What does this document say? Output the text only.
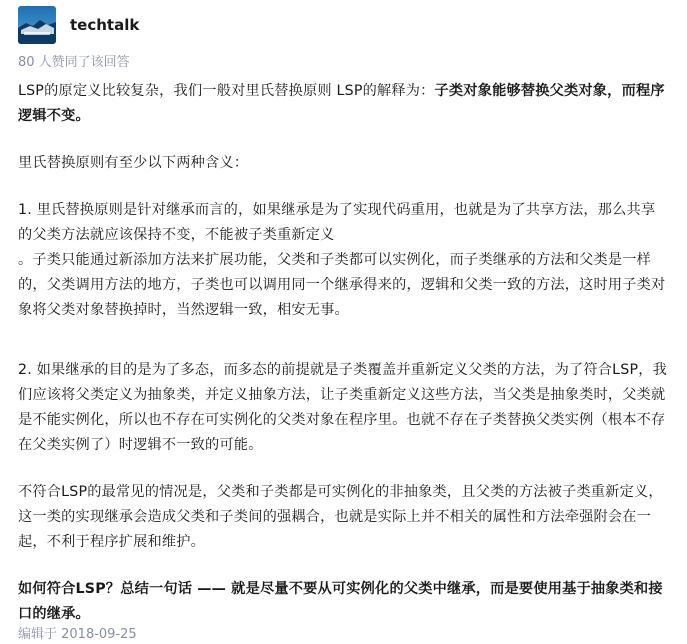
techtalk
80 人赞同了该回答

LSP的原定义比较复杂，我们一般对里氏替换原则 LSP的解释为：子类对象能够替换父类对象，而程序逻辑不变。

里氏替换原则有至少以下两种含义：

1. 里氏替换原则是针对继承而言的，如果继承是为了实现代码重用，也就是为了共享方法，那么共享的父类方法就应该保持不变，不能被子类重新定义

。子类只能通过新添加方法来扩展功能，父类和子类都可以实例化，而子类继承的方法和父类是一样的，父类调用方法的地方，子类也可以调用同一个继承得来的，逻辑和父类一致的方法，这时用子类对象将父类对象替换掉时，当然逻辑一致，相安无事。

2. 如果继承的目的是为了多态，而多态的前提就是子类覆盖并重新定义父类的方法，为了符合LSP，我们应该将父类定义为抽象类，并定义抽象方法，让子类重新定义这些方法，当父类是抽象类时，父类就是不能实例化，所以也不存在可实例化的父类对象在程序里。也就不存在子类替换父类实例（根本不存在父类实例了）时逻辑不一致的可能。

不符合LSP的最常见的情况是，父类和子类都是可实例化的非抽象类，且父类的方法被子类重新定义，这一类的实现继承会造成父类和子类间的强耦合，也就是实际上并不相关的属性和方法牵强附会在一起，不利于程序扩展和维护。

如何符合LSP？总结一句话 —— 就是尽量不要从可实例化的父类中继承，而是要使用基于抽象类和接口的继承。

编辑于 2018-09-25
